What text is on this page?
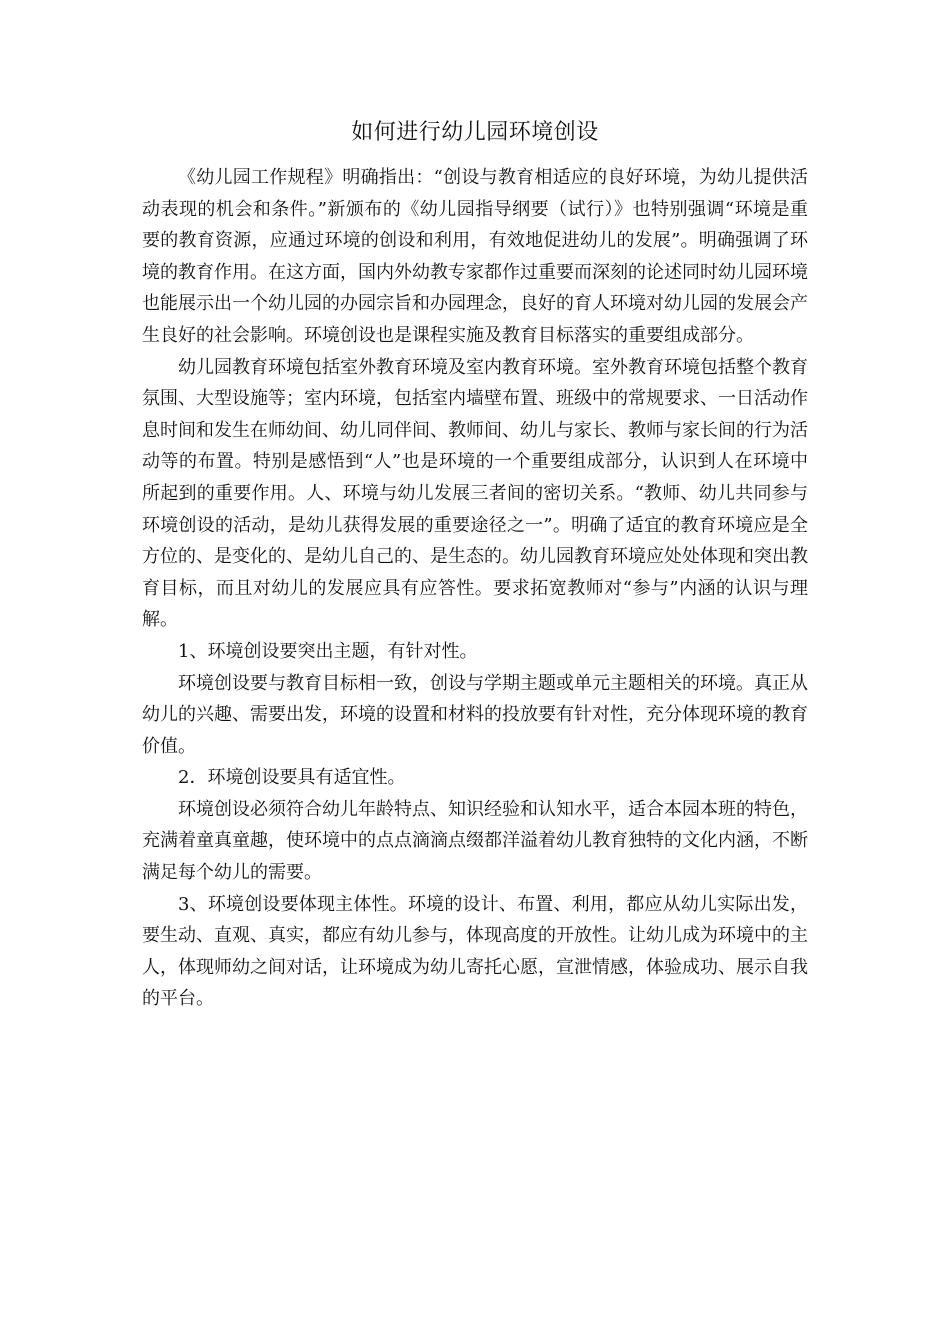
如何进行幼儿园环境创设

《幼儿园工作规程》明确指出：“创设与教育相适应的良好环境，为幼儿提供活动表现的机会和条件。”新颁布的《幼儿园指导纲要（试行）》也特别强调“环境是重要的教育资源，应通过环境的创设和利用，有效地促进幼儿的发展”。明确强调了环境的教育作用。在这方面，国内外幼教专家都作过重要而深刻的论述同时幼儿园环境也能展示出一个幼儿园的办园宗旨和办园理念，良好的育人环境对幼儿园的发展会产生良好的社会影响。环境创设也是课程实施及教育目标落实的重要组成部分。

幼儿园教育环境包括室外教育环境及室内教育环境。室外教育环境包括整个教育氛围、大型设施等；室内环境，包括室内墙壁布置、班级中的常规要求、一日活动作息时间和发生在师幼间、幼儿同伴间、教师间、幼儿与家长、教师与家长间的行为活动等的布置。特别是感悟到“人”也是环境的一个重要组成部分，认识到人在环境中所起到的重要作用。人、环境与幼儿发展三者间的密切关系。“教师、幼儿共同参与环境创设的活动，是幼儿获得发展的重要途径之一”。明确了适宜的教育环境应是全方位的、是变化的、是幼儿自己的、是生态的。幼儿园教育环境应处处体现和突出教育目标，而且对幼儿的发展应具有应答性。要求拓宽教师对“参与”内涵的认识与理解。

1、环境创设要突出主题，有针对性。

环境创设要与教育目标相一致，创设与学期主题或单元主题相关的环境。真正从幼儿的兴趣、需要出发，环境的设置和材料的投放要有针对性，充分体现环境的教育价值。

2．环境创设要具有适宜性。

环境创设必须符合幼儿年龄特点、知识经验和认知水平，适合本园本班的特色，充满着童真童趣，使环境中的点点滴滴点缀都洋溢着幼儿教育独特的文化内涵，不断满足每个幼儿的需要。

3、环境创设要体现主体性。环境的设计、布置、利用，都应从幼儿实际出发，要生动、直观、真实，都应有幼儿参与，体现高度的开放性。让幼儿成为环境中的主人，体现师幼之间对话，让环境成为幼儿寄托心愿，宣泄情感，体验成功、展示自我的平台。
